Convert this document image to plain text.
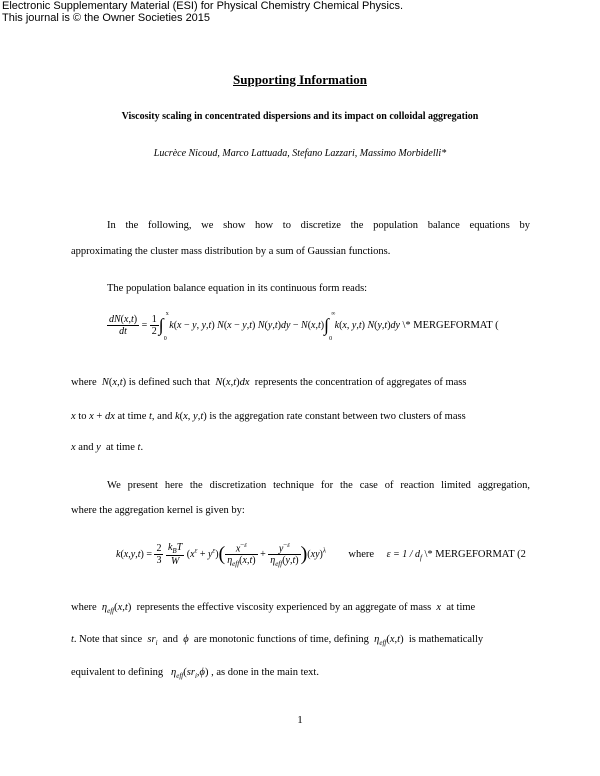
Electronic Supplementary Material (ESI) for Physical Chemistry Chemical Physics.
This journal is © the Owner Societies 2015
Supporting Information
Viscosity scaling in concentrated dispersions and its impact on colloidal aggregation
Lucrèce Nicoud, Marco Lattuada, Stefano Lazzari, Massimo Morbidelli*
In the following, we show how to discretize the population balance equations by
approximating the cluster mass distribution by a sum of Gaussian functions.
The population balance equation in its continuous form reads:
$\frac{dN(x,t)}{dt} = \frac{1}{2}$ ∫
x
0
k(x − y, y,t) N(x − y,t) N(y,t)dy − N(x,t)∫
∞
0
k(x, y,t) N(y,t)dy \* MERGEFORMAT (
where N(x,t) is defined such that N(x,t)dx represents the concentration of aggregates of mass
x to x + dx at time t, and k(x, y,t) is the aggregation rate constant between two clusters of mass
x and y at time t.
We present here the discretization technique for the case of reaction limited aggregation,
where the aggregation kernel is given by:
$k(x,y,t) = \frac{2}{3}$
$\frac{k_BT}{W} (x^\varepsilon + y^\varepsilon)( \frac{x^{-\varepsilon}}{\eta_{eff}(x,t)} + \frac{y^{-\varepsilon}}{\eta_{eff}(y,t)} )(xy)^\lambda$ where $\varepsilon = 1 / d_f$ \* MERGEFORMAT (2
where $\eta_{eff}(x,t)$  represents the effective viscosity experienced by an aggregate of mass x at time
t. Note that since $sr_i$ and ϕ are monotonic functions of time, defining $\eta_{eff}(x,t)$  is mathematically
equivalent to defining $\eta_{eff}(sr_i,\phi)$ , as done in the main text.
1
